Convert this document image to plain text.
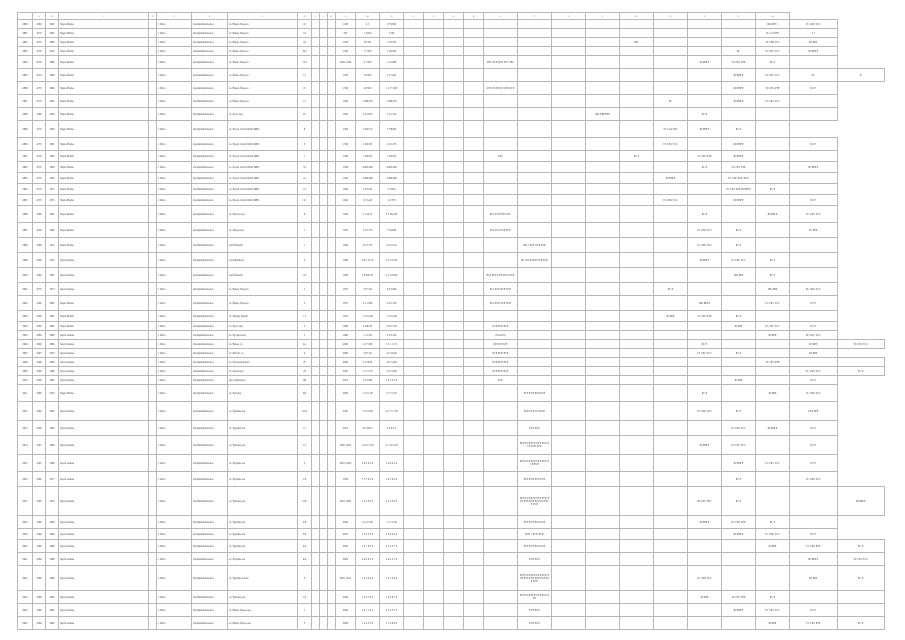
	A	B	C	D	E	F	G	H	I	J	K	L	M	N	O	P	Q	R	S	T	U	V	W	X	Y	Z	AA		
2890	2260	1967	Nepra Pluma		1 Poria	Oooibpmmadoodoo	vs. Baupo Nopoou	10				1450	4 5	2 78,630													IDL PPT 1	TC 1061 TCC	
2881	2270	1967	Nepra Pluma		1 Poria	Oooibpmmadoodoo	vs. Baupo Nopoou	14				567	1 3,620	2 300													TC 121 PTE	3 1	
2882	2270	1968	Nepra Pluma		1 Poria	Oooibpmmadoodoo	vs. Baupo Nopoou	16				1500	3 8 741	1 78,700									IDL				TC CPE TCC	ID PPP	
2883	2270	1970	Nepra Pluma		1 Poria	Oooibpmmadoodoo	vs. Baupo Nopoou	3VI				1500	3 7 950	7 46,320												PC	TC CEC TCC	ID PPP P	
2884	2270	1966	Nepra Pluma		1 Poria	Oooibpmmadoodoo	vs. Baupo Nopoou	1VI				1943, 1924	4 7 930	1 2 4,860					DTC ECE ECE TEC TEC						ID PPP P	TC CEC PTE	PC E		
2885	2270	1968	Nepra Pluma		1 Poria	Oooibpmmadoodoo	vs. Baupo Nopoou	11				1500	3 8 930	2 77,420												ID PPP P	TC CEC TCC	PC	E
2886	2270	1966	Nepra Pluma		1 Poria	Oooibpmmadoodoo	vs. Baupo Nopoou	15				1500	4 8 930	1 2 77,430					DTC ECE ECE DTC ECE							ID PPP P	TC CEC PTE	PC E	
2887	2270	1967	Nepra Pluma		1 Poria	Oooibpmmadoodoo	vs. Baupo Nopoou	17				1500	1 030,370	1 030,370										PC		ID PPP P	TC CEC TCC		
2888	2260	1964	Nepra Pluma		1 Poria	Oooibpmmadoodoo	vs. Pyoe upro	IV				1952	3 4 3,810	5 2 5,510								IDL PPP PEF			PC E				
2889	2270	1963	Nepra Pluma		1 Poria	Oooibpmmadoodoo	vs. Pyoex Caraxt Nelbt MBC	8				1500	1 948 3 0	2 786,80										TC CAL TEC	ID PPP P	PC E			
2890	2270	1967	Nepra Pluma		1 Poria	Oooibpmmadoodoo	vs. Pyoex Caraxt Nelbt MBC	3				1500	1 845 80	4 5 0,370										TC CEC TCC		ID PPP P		PC E	
2891	2270	1963	Nepra Pluma		1 Poria	Oooibpmmadoodoo	vs. Pyoex Caraxt Nelbt MBC	1				1500	1 300,00	1 530,00					TEC				PC E		TC CEC PTE	ID PPP P			
2892	2270	1963	Nepra Pluma		1 Poria	Oooibpmmadoodoo	vs. Pyoex Caraxt Nelbt MBC	10				1500	4 803,000	4 803,000											PC E	TC CEC PTE		ID PPP P	
2893	2270	1963	Nepra Pluma		1 Poria	Oooibpmmadoodoo	vs. Pyoex Caraxt Nelbt MBC	12				1500	4 360,000	4 360,000										ID PPP P		TC CEC PTE, PC E			
2894	2270	1975	Nepra Pluma		1 Poria	Oooibpmmadoodoo	vs. Pyoex Caraxt Nelbt MBC	14				1960	1 03 120	3 5 80,0												TC CEC PTE ID PPP P	PC E		
2895	2270	1975	Nepra Pluma		1 Poria	Oooibpmmadoodoo	vs. Pyoex Caraxt Nelbt MBC	16				1961	1 0 3,410	4 4 378										TC 1061 TCC		ID PPP P		PC E	
2896	2280	1967	Nepra Pluma		1 Poria	Oooibpmmadoodoo	vs. Ncbyoooou	8				1943	3 1 40 10	3 3 56,220					PTC ECE DTC PTC						PC E		ID PPP P	TC CEC TCC	
2897	2250	1960	Nepra Pluma		1 Poria	Oooibpmmadoodoo	vs. Nepryoooa	1				1955	1 0 0,773	7 33,640					ECe ECe ECE ECE						TC 1061 TCC	PC E		PC PPP	
2898	2260	1972	Nepra Pluma		1 Poria	Oooibpmmadoodoo	stat Nanraadt	1				1960	4 0 3,770	4 4 5,4 10						IDL 1 EEC ECE ECE					TC 1961 TCC	PC E			
2899	2280	1970	Sepra Suanee		1 Poria	Oooibpmmadoodoo	stat Manrdaod	2				1960	3 8 2 11 70	3 2 7 8,270						ID 1 ECE ECE ECE ECE					ID PPP P	TC CEC TCC	PC E		
2900	2280	1967	Sepra Suanee		1 Poria	Oooibpmmadoodoo	stat Nanraadt	25				1960	2 8 830 20	2 1 2 9 810					ECe ECE ECE TECe ECE							IDL PPP	PC E		
2901	2270	1973	Sepra Suanee		1 Poria	Oooibpmmadoodoo	vs. Baupo Nopoou	1				1957	4 9 3 40	4 9 3 820					ECe ECE ECE ECE					PC E			IDL PPP	PC 1961 TCC	
2902	2260	1961	Nepra Pluma		1 Poria	Oooibpmmadoodoo	vs. Baupo Nopoou	3				1957	2 3 1 630	2 9 2 520					ECe ECE ECE ECE						IDL PPP P		TC CEC TCC	PC E	
2903	2280	1967	Nepra Pluma		1 Poria	Oooibpmmadoodoo	vs. Mopuy Nopob	11				1957	1 3 0 4,40	1 3 9 4,40										ID PPP	TC CEC PTE	PC E			
2904	2260	1965	Nepra Pluma		1 Poria	Oooibpmmadoodoo	vs. Pyoo upro	5				1960	2 440 20	4 0 8 3 20					ECE ECE ECE							ID PPP	TC CEC TCC	PC E	
2905	2280	1968	Sepra Suanee		1 Poria	Oooibpmmadoodoo	vs. Pyoxpooond	1				1960	1 2 0 50	4 3 8,120					Econ Ecd								ID-PPE	PC CEC TCC	
2906	2290	1966	Sepra Suanee		1 Poria	Oooibpmmadoodoo	vs. Baxee 1 e	2A				2000	1 4 7 630	1 5 1 1 3 0					ID ECE ECE						PC E			ID PPP	TC CEC TCC
2907	2297	1970	Sepra Suanee		1 Poria	Oooibpmmadoodoo	vs. Pabour 1 e	4				2000	4 8 5 20	4 3 4 8,40					ECE ECE ECE						TC CEC TCC	PC E		ID PPP	
2908	2268	1969	Sepra Suanee		1 Poria	Oooibpmmadoodoo	vs. Popwaxpoomob	25				2000	4 3 50,30	4 0 3 ,920					ECE ECE ECE								TC CEC PTE		
2909	2280	1968	Sepra Suanee		1 Poria	Oooibpmmadoodoo	vs. Popwaxpo	23				2001	1 3 2 3 10	1 6 5 6,00					ECE ECE ECE									TC 1061 TCC	PC E
2910	2280	1962	Sepra Suanee		1 Poria	Oooibpmmadoodoo	npoc mpynayee	3B				2001	1 9 3 940	1 0 3 4 3 0					ECE							ID PPP		PC E	
2911	2280	1970	Nepra Pluma		1 Poria	Oooibpmmadoodoo	vs. Pynouta	3m				2000	1 5 0 1 00	3 7 5 4 70						ECE ECE ECE ECE					PC E		ID PPP	TC 1061 TCC	
2912	2280	1963	Sepra Suanee		1 Poria	Oooibpmmadoodoo	vs. Pypeniooou	5/23				2001	3 5 0 0,80	4 3 7 3 7 90						ECE ECE 2b 8 ECE					TC 1961 TCC	PC E		ECE PPP	
2913	2280	1963	Sepra Suanee		1 Poria	Oooibpmmadoodoo	vs. Pypeniooou	17				2001	4 0 3,85 0	4 4 0 4 3						ECE ECE						TC 1061 TCC	ID PPP P	PC E	
2914	2297	1966	Sepra Suanee		1 Poria	Oooibpmmadoodoo	vs. Pypeniooou	1/1				1950, 2001	1 8 0 0 3 30	3 7 4 0 2 28						ECE ECE ECE ECE ECE ECE ECE ECE					ID PPP P	TC CEC TCC		PC E	
2915	2297	1966	Sepra Suanee		1 Poria	Oooibpmmadoodoo	vs. Pypeniooou	3				2001, 2003	4 6 0 0 5 4	1 0 6 4 2 6						ECE ECE ECE ECE ECE ECE ECE						ID PPP P	TC CEC TCC	PC E	
2916	2280	1977	Sepra Suanee		1 Poria	Oooibpmmadoodoo	vs. Pypeniooou	1/6				1954	3 7 5 9 3 0	2 0 5 9 4 0						ECE ECE ECE ECE						PC E		TC 1061 TCC	
2917	2290	1970	Sepra Suanee		1 Poria	Oooibpmmadoodoo	vs. Pypeniooou	1/3n				2001, 2001	1 4 2 0 3 0	4 1 0 4 0 0						ECE ECE ECE ECE ECE ECE ECE ECE ECE ECE ECE ECE					ID CEC TEC	PC E			ID PPP P
2918	2260	1968	Sepra Suanee		1 Poria	Oooibpmmadoodoo	vs. Pypeniooou	3/8				2004	4 2 4 3 40	1 3 7 6 40						ECE ECE ECE ECE					ID PPP P	PC CEC PTE	PC E		
2919	2260	1960	Sepra Suanee		1 Poria	Oooibpmmadoodoo	vs. Pypeniooou	3/9				2001	1 3 4 5 3 0	1 4 6 4 2 9						ECE 1 ECE, ECE						ID PPP P	TC 1961 TCC	PC E	
2920	2260	1966	Sepra Suanee		1 Poria	Oooibpmmadoodoo	vs. Pypeniooou	4/4				2002	4 3 7 8 3 0	4 7 4 3 7 0						ECE ECE ECE ECE							ID PPP	TC CEC PTE	PC E
2921	2280	1966	Sepra Suanee		1 Poria	Oooibpmmadoodoo	vs. Pypeniooou	4/4				2002	4 9 4 6 3 0	4 6 4 3 7 6						ECE ECE								ID PPP P	TC CEC TCC
2922	2280	1960	Sepra Suanee		1 Poria	Oooibpmmadoodoo	vs. Pypeniooou Ne	3				2001, 2011	1 4 4 0 4 0	1 2 5 4 4 0						ECE ECE ECE ECE ECE ECE ECE ECE ECE ECE ECE ECE					TC 1961 TCC			ID PPP	PC E
2923	2260	1963	Sepra Suanee		1 Poria	Oooibpmmadoodoo	vs. Pypeniooou	1/4				2004	1 4 0 7 0 0	1 0 4 6 7 0						ECE ECE ECE ECE ECE ECE					ID PPP	TC CEC PTE	PC E		
2924	2260	1962	Sepra Suanee		1 Poria	Oooibpmmadoodoo	vs. Baupo Nopoooou	1				2004	4 3 1 7 4 0	4 7 4 3 7 9						ECE ECE						ID PPP P	TC CEC TCC	PC E	
2925	2260	1962	Sepra Suanee		1 Poria	Oooibpmmadoodoo	vs. Baupo Nopoooou	3				2004	1 4 4 5 3 0	1 7 4 8 6 0						ECE ECE							ID PPP	TC CEC PTE	PC E
